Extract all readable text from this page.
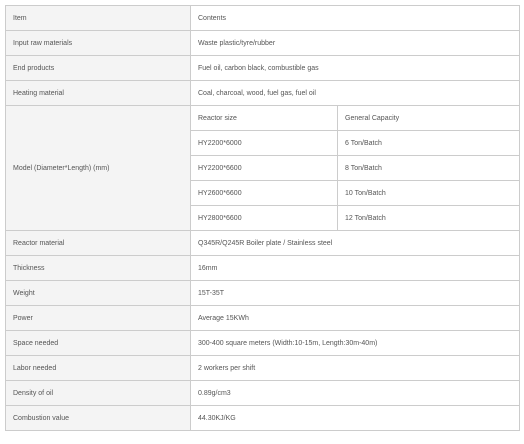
Item	Contents	
Input raw materials	Waste plastic/tyre/rubber	
End products	Fuel oil, carbon black, combustible gas	
Heating material	Coal, charcoal, wood, fuel gas, fuel oil	
Model (Diameter*Length) (mm)	Reactor size	General Capacity
	HY2200*6000	6 Ton/Batch
	HY2200*6600	8 Ton/Batch
	HY2600*6600	10 Ton/Batch
	HY2800*6600	12 Ton/Batch
Reactor material	Q345R/Q245R Boiler plate / Stainless steel	
Thickness	16mm	
Weight	15T-35T	
Power	Average 15KWh	
Space needed	300-400 square meters (Width:10-15m, Length:30m-40m)	
Labor needed	2 workers per shift	
Density of oil	0.89g/cm3	
Combustion value	44.30KJ/KG	
